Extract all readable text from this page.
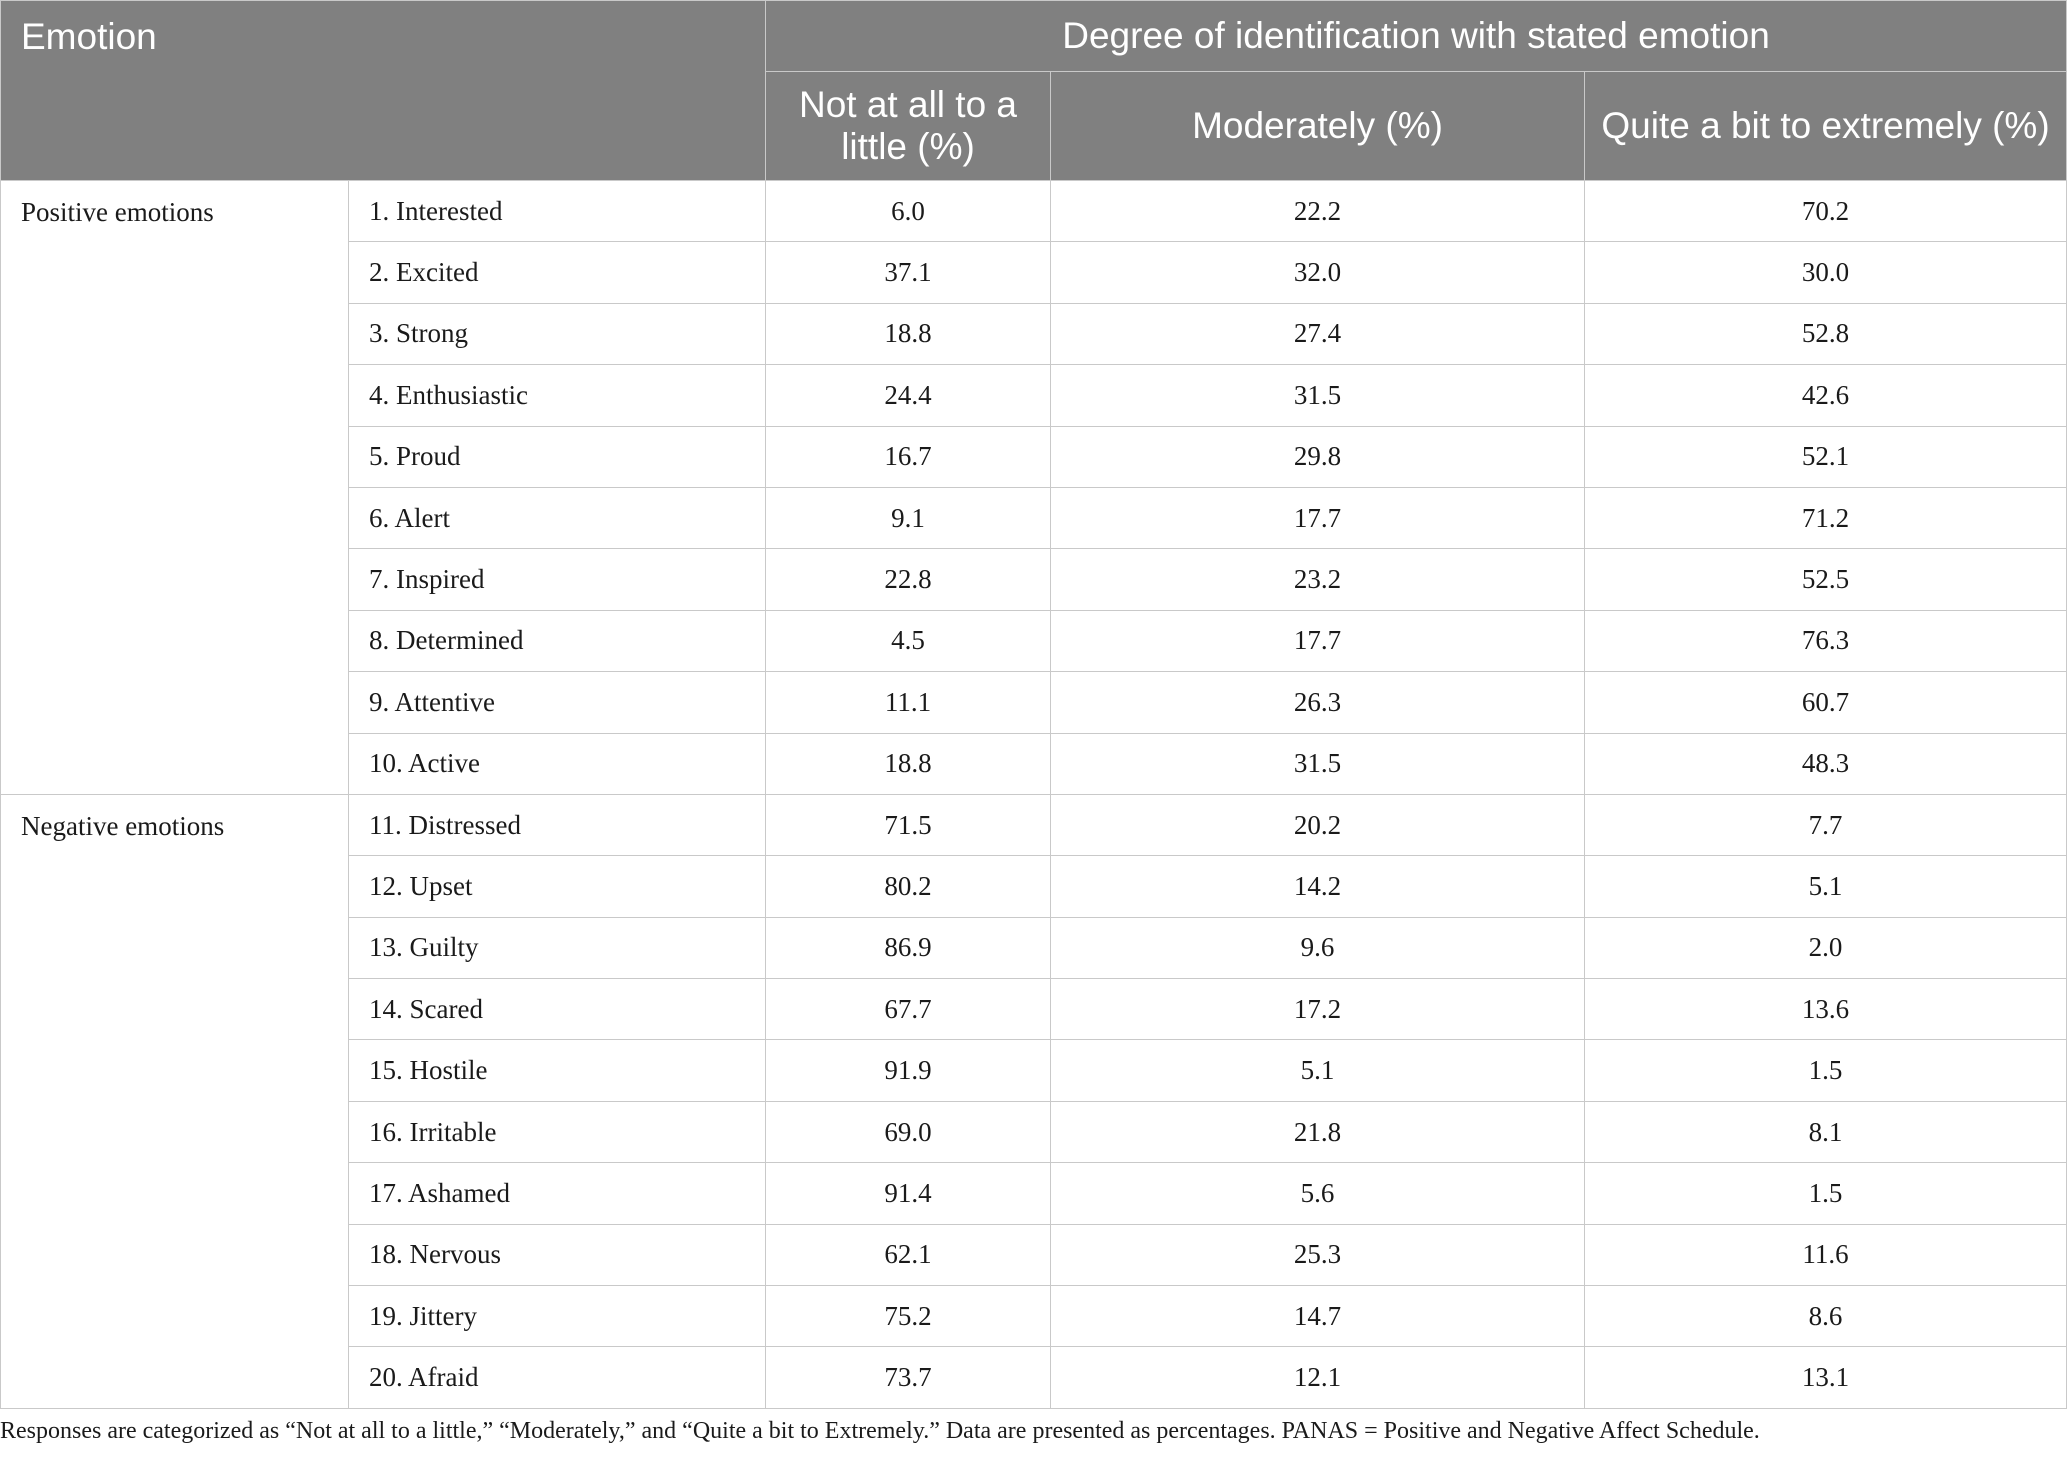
Emotion		Degree of identification with stated emotion		
		Not at all to a little (%)	Moderately (%)	Quite a bit to extremely (%)
Positive emotions	1. Interested	6.0	22.2	70.2
	2. Excited	37.1	32.0	30.0
	3. Strong	18.8	27.4	52.8
	4. Enthusiastic	24.4	31.5	42.6
	5. Proud	16.7	29.8	52.1
	6. Alert	9.1	17.7	71.2
	7. Inspired	22.8	23.2	52.5
	8. Determined	4.5	17.7	76.3
	9. Attentive	11.1	26.3	60.7
	10. Active	18.8	31.5	48.3
Negative emotions	11. Distressed	71.5	20.2	7.7
	12. Upset	80.2	14.2	5.1
	13. Guilty	86.9	9.6	2.0
	14. Scared	67.7	17.2	13.6
	15. Hostile	91.9	5.1	1.5
	16. Irritable	69.0	21.8	8.1
	17. Ashamed	91.4	5.6	1.5
	18. Nervous	62.1	25.3	11.6
	19. Jittery	75.2	14.7	8.6
	20. Afraid	73.7	12.1	13.1
Responses are categorized as “Not at all to a little,” “Moderately,” and “Quite a bit to Extremely.” Data are presented as percentages. PANAS = Positive and Negative Affect Schedule.
